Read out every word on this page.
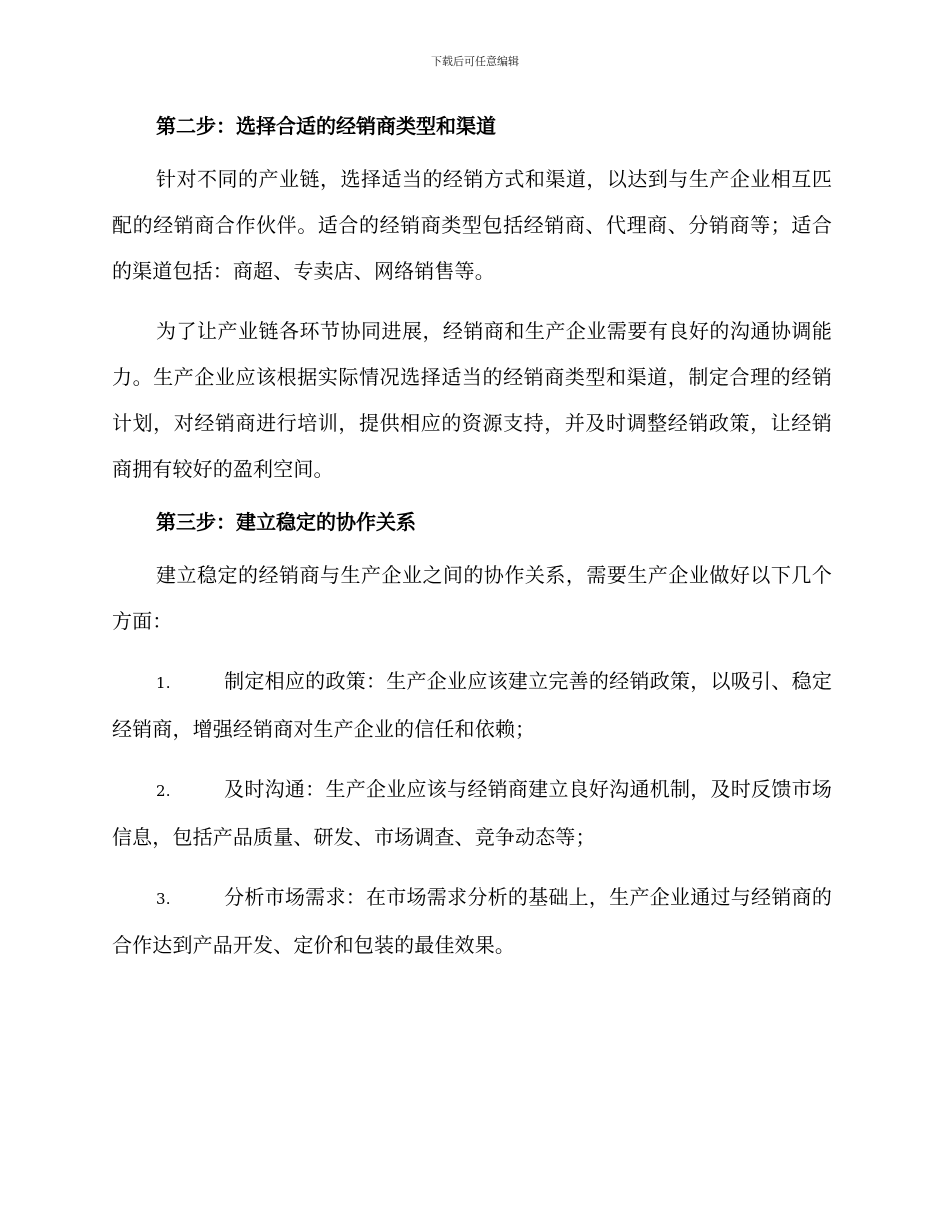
下载后可任意编辑
第二步：选择合适的经销商类型和渠道

针对不同的产业链，选择适当的经销方式和渠道，以达到与生产企业相互匹配的经销商合作伙伴。适合的经销商类型包括经销商、代理商、分销商等；适合的渠道包括：商超、专卖店、网络销售等。

为了让产业链各环节协同进展，经销商和生产企业需要有良好的沟通协调能力。生产企业应该根据实际情况选择适当的经销商类型和渠道，制定合理的经销计划，对经销商进行培训，提供相应的资源支持，并及时调整经销政策，让经销商拥有较好的盈利空间。

第三步：建立稳定的协作关系

建立稳定的经销商与生产企业之间的协作关系，需要生产企业做好以下几个方面：

1.	制定相应的政策：生产企业应该建立完善的经销政策，以吸引、稳定经销商，增强经销商对生产企业的信任和依赖；

2.	及时沟通：生产企业应该与经销商建立良好沟通机制，及时反馈市场信息，包括产品质量、研发、市场调查、竞争动态等；

3.	分析市场需求：在市场需求分析的基础上，生产企业通过与经销商的合作达到产品开发、定价和包装的最佳效果。
